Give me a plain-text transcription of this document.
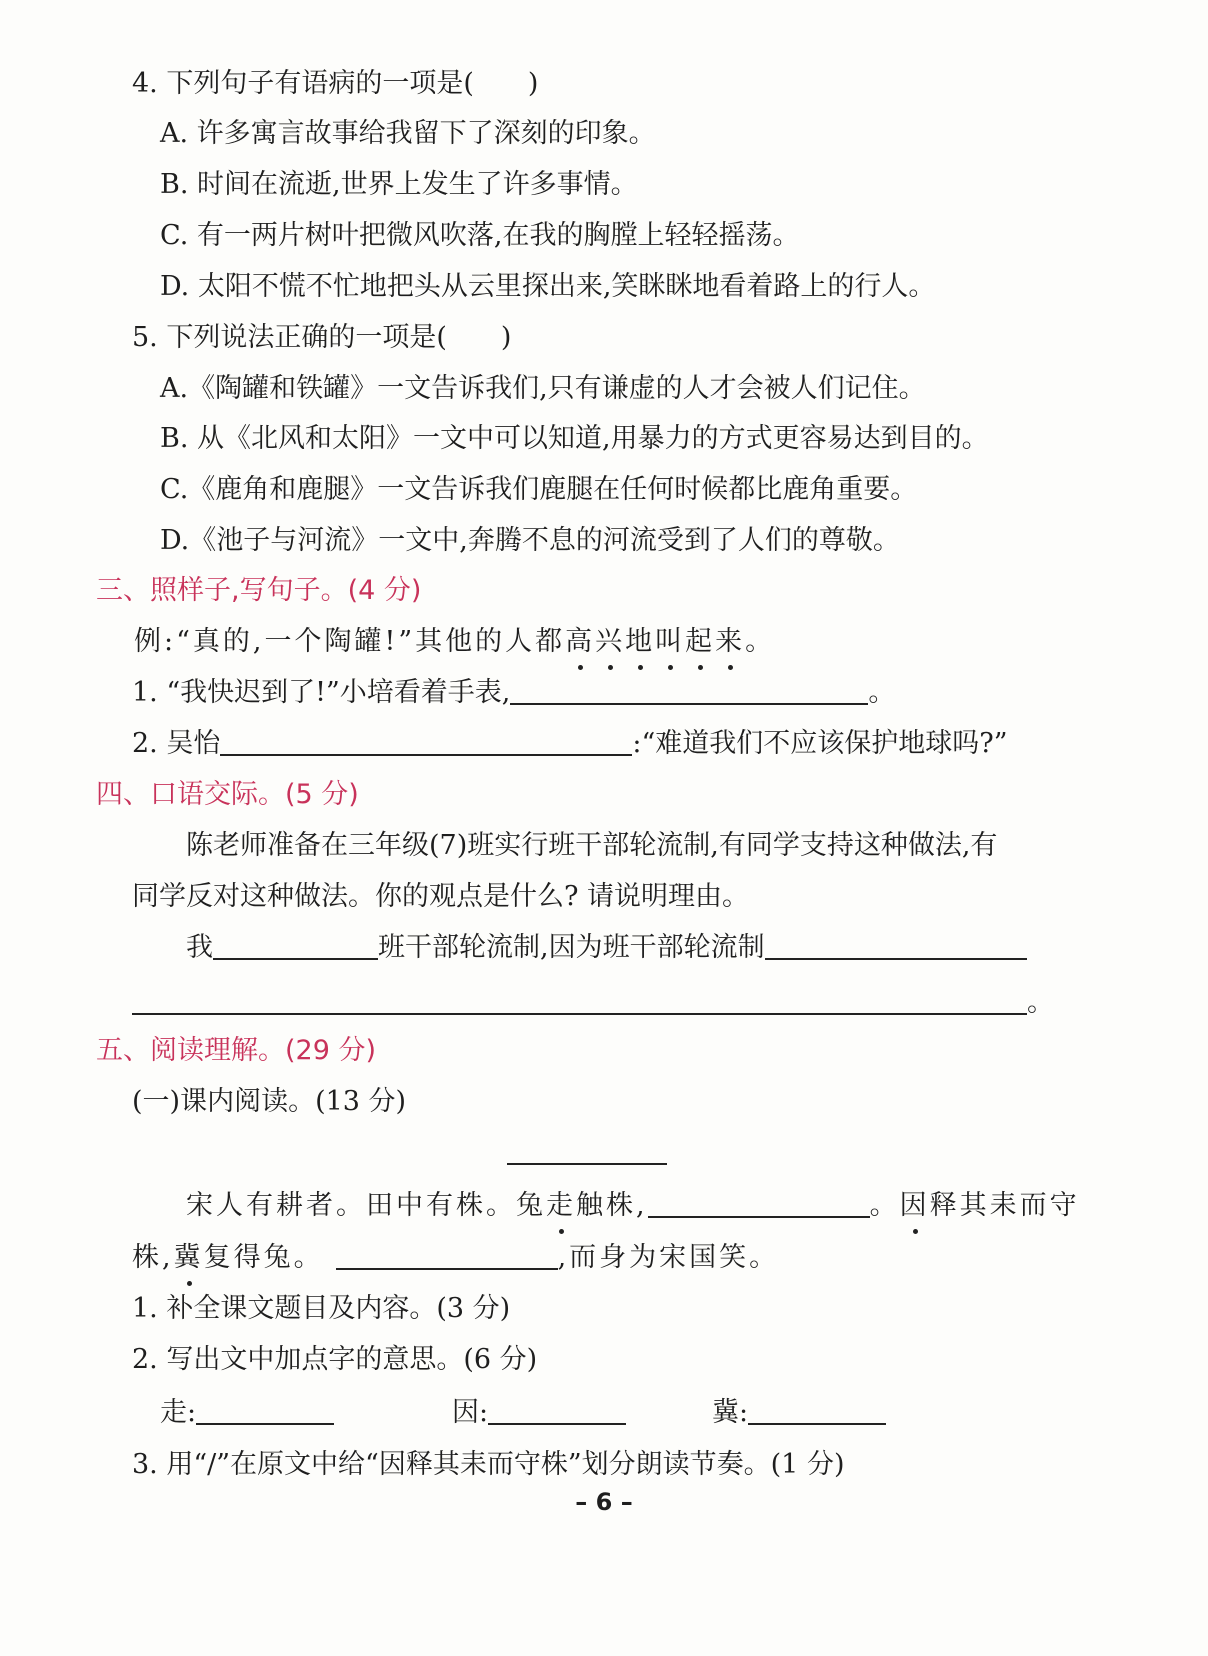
4. 下列句子有语病的一项是(　　)
A. 许多寓言故事给我留下了深刻的印象。
B. 时间在流逝,世界上发生了许多事情。
C. 有一两片树叶把微风吹落,在我的胸膛上轻轻摇荡。
D. 太阳不慌不忙地把头从云里探出来,笑眯眯地看着路上的行人。
5. 下列说法正确的一项是(　　)
A.《陶罐和铁罐》一文告诉我们,只有谦虚的人才会被人们记住。
B. 从《北风和太阳》一文中可以知道,用暴力的方式更容易达到目的。
C.《鹿角和鹿腿》一文告诉我们鹿腿在任何时候都比鹿角重要。
D.《池子与河流》一文中,奔腾不息的河流受到了人们的尊敬。
三、照样子,写句子。(4 分)
例:“真的,一个陶罐!”其他的人都高兴地叫起来。
1. “我快迟到了!”小培看着手表,	。
2. 吴怡	:“难道我们不应该保护地球吗?”
四、口语交际。(5 分)
陈老师准备在三年级(7)班实行班干部轮流制,有同学支持这种做法,有
同学反对这种做法。你的观点是什么? 请说明理由。
我	班干部轮流制,因为班干部轮流制
。
五、阅读理解。(29 分)
(一)课内阅读。(13 分)
宋人有耕者。田中有株。兔走触株,	。因释其耒而守
株,冀复得兔。	,而身为宋国笑。
1. 补全课文题目及内容。(3 分)
2. 写出文中加点字的意思。(6 分)
走:	因:	冀:
3. 用“/”在原文中给“因释其耒而守株”划分朗读节奏。(1 分)
– 6 –
